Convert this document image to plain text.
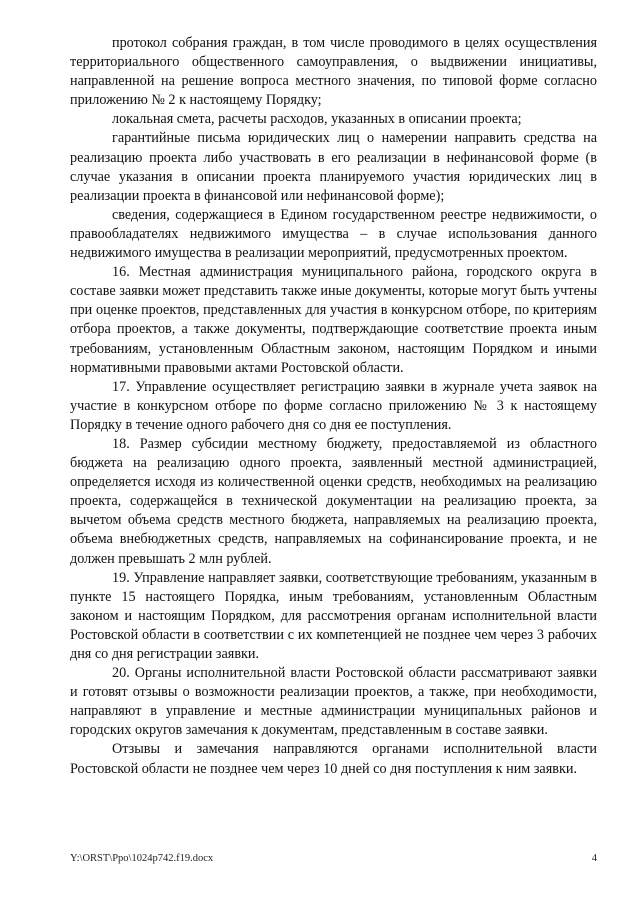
протокол собрания граждан, в том числе проводимого в целях осуществления территориального общественного самоуправления, о выдвижении инициативы, направленной на решение вопроса местного значения, по типовой форме согласно приложению № 2 к настоящему Порядку;

локальная смета, расчеты расходов, указанных в описании проекта;

гарантийные письма юридических лиц о намерении направить средства на реализацию проекта либо участвовать в его реализации в нефинансовой форме (в случае указания в описании проекта планируемого участия юридических лиц в реализации проекта в финансовой или нефинансовой форме);

сведения, содержащиеся в Едином государственном реестре недвижимости, о правообладателях недвижимого имущества – в случае использования данного недвижимого имущества в реализации мероприятий, предусмотренных проектом.

16. Местная администрация муниципального района, городского округа в составе заявки может представить также иные документы, которые могут быть учтены при оценке проектов, представленных для участия в конкурсном отборе, по критериям отбора проектов, а также документы, подтверждающие соответствие проекта иным требованиям, установленным Областным законом, настоящим Порядком и иными нормативными правовыми актами Ростовской области.

17. Управление осуществляет регистрацию заявки в журнале учета заявок на участие в конкурсном отборе по форме согласно приложению № 3 к настоящему Порядку в течение одного рабочего дня со дня ее поступления.

18. Размер субсидии местному бюджету, предоставляемой из областного бюджета на реализацию одного проекта, заявленный местной администрацией, определяется исходя из количественной оценки средств, необходимых на реализацию проекта, содержащейся в технической документации на реализацию проекта, за вычетом объема средств местного бюджета, направляемых на реализацию проекта, объема внебюджетных средств, направляемых на софинансирование проекта, и не должен превышать 2 млн рублей.

19. Управление направляет заявки, соответствующие требованиям, указанным в пункте 15 настоящего Порядка, иным требованиям, установленным Областным законом и настоящим Порядком, для рассмотрения органам исполнительной власти Ростовской области в соответствии с их компетенцией не позднее чем через 3 рабочих дня со дня регистрации заявки.

20. Органы исполнительной власти Ростовской области рассматривают заявки и готовят отзывы о возможности реализации проектов, а также, при необходимости, направляют в управление и местные администрации муниципальных районов и городских округов замечания к документам, представленным в составе заявки.

Отзывы и замечания направляются органами исполнительной власти Ростовской области не позднее чем через 10 дней со дня поступления к ним заявки.

Y:\ORST\Ppo\1024p742.f19.docx	4
